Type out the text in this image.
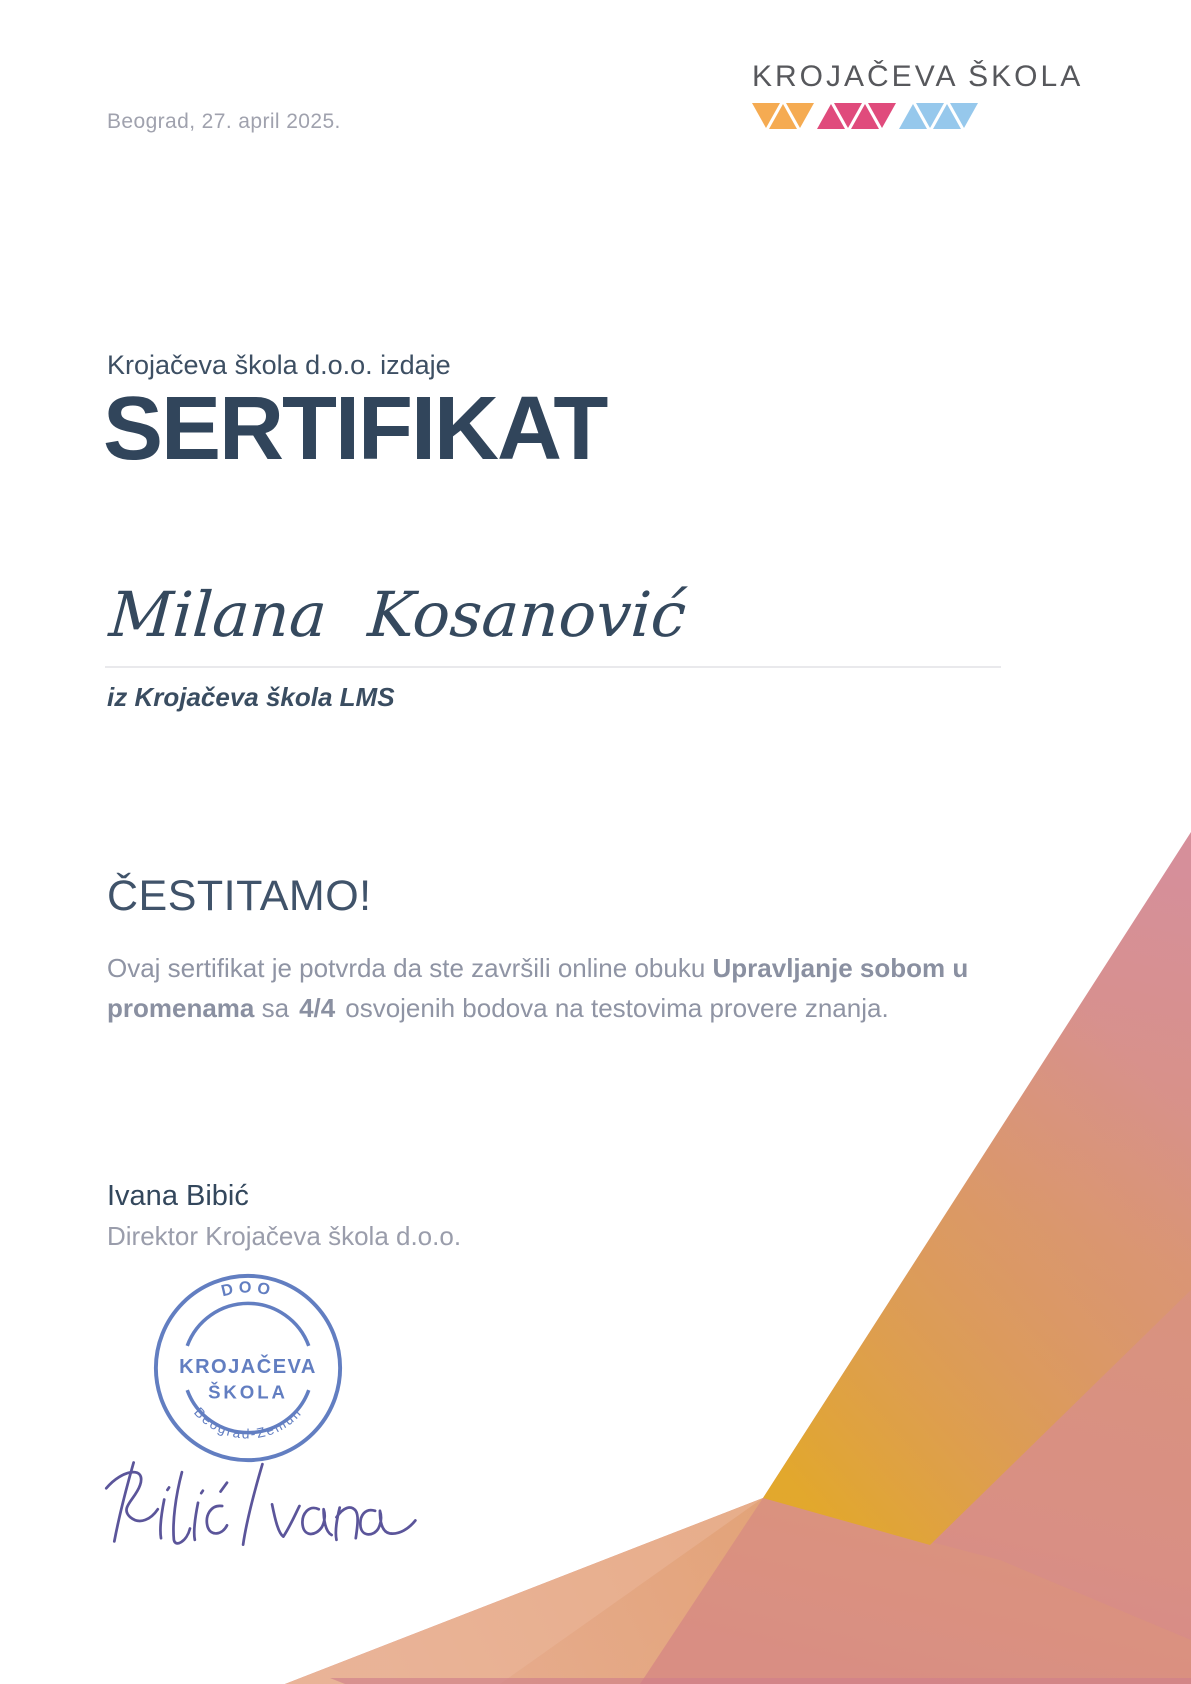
Beograd, 27. april 2025.
KROJAČEVA ŠKOLA
Krojačeva škola d.o.o. izdaje
SERTIFIKAT
Milana Kosanović
iz Krojačeva škola LMS
ČESTITAMO!
Ovaj sertifikat je potvrda da ste završili online obuku Upravljanje sobom u promenama sa 4/4 osvojenih bodova na testovima provere znanja.
Ivana Bibić
Direktor Krojačeva škola d.o.o.
DOO
KROJAČEVA
ŠKOLA
Beograd-Zemun
